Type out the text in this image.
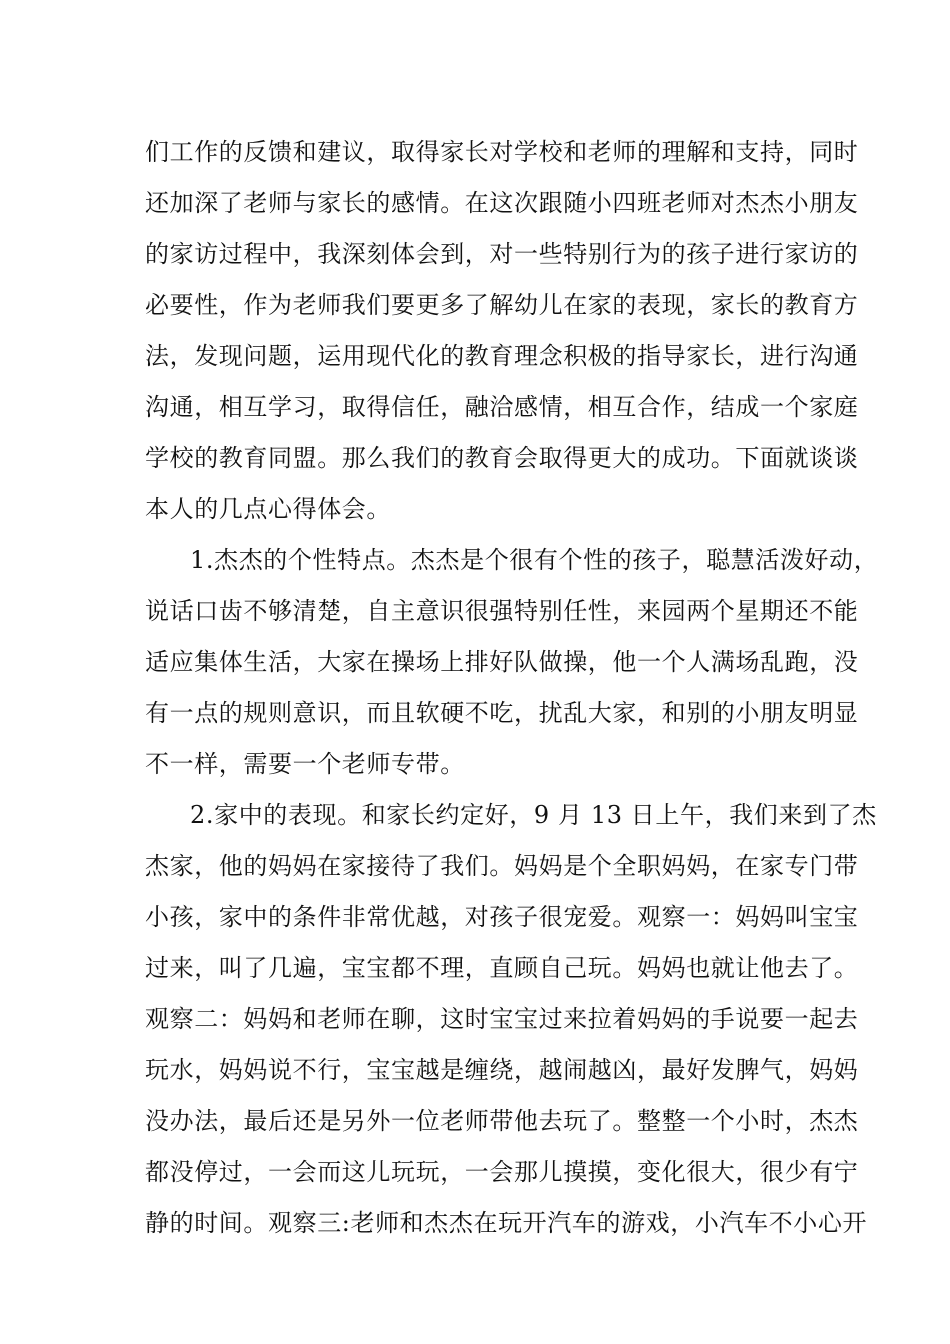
们工作的反馈和建议，取得家长对学校和老师的理解和支持，同时
还加深了老师与家长的感情。在这次跟随小四班老师对杰杰小朋友
的家访过程中，我深刻体会到，对一些特别行为的孩子进行家访的
必要性，作为老师我们要更多了解幼儿在家的表现，家长的教育方
法，发现问题，运用现代化的教育理念积极的指导家长，进行沟通
沟通，相互学习，取得信任，融洽感情，相互合作，结成一个家庭
学校的教育同盟。那么我们的教育会取得更大的成功。下面就谈谈
本人的几点心得体会。
1.杰杰的个性特点。杰杰是个很有个性的孩子，聪慧活泼好动，
说话口齿不够清楚，自主意识很强特别任性，来园两个星期还不能
适应集体生活，大家在操场上排好队做操，他一个人满场乱跑，没
有一点的规则意识，而且软硬不吃，扰乱大家，和别的小朋友明显
不一样，需要一个老师专带。
2.家中的表现。和家长约定好，9 月 13 日上午，我们来到了杰
杰家，他的妈妈在家接待了我们。妈妈是个全职妈妈，在家专门带
小孩，家中的条件非常优越，对孩子很宠爱。观察一：妈妈叫宝宝
过来，叫了几遍，宝宝都不理，直顾自己玩。妈妈也就让他去了。
观察二：妈妈和老师在聊，这时宝宝过来拉着妈妈的手说要一起去
玩水，妈妈说不行，宝宝越是缠绕，越闹越凶，最好发脾气，妈妈
没办法，最后还是另外一位老师带他去玩了。整整一个小时，杰杰
都没停过，一会而这儿玩玩，一会那儿摸摸，变化很大，很少有宁
静的时间。观察三:老师和杰杰在玩开汽车的游戏，小汽车不小心开
